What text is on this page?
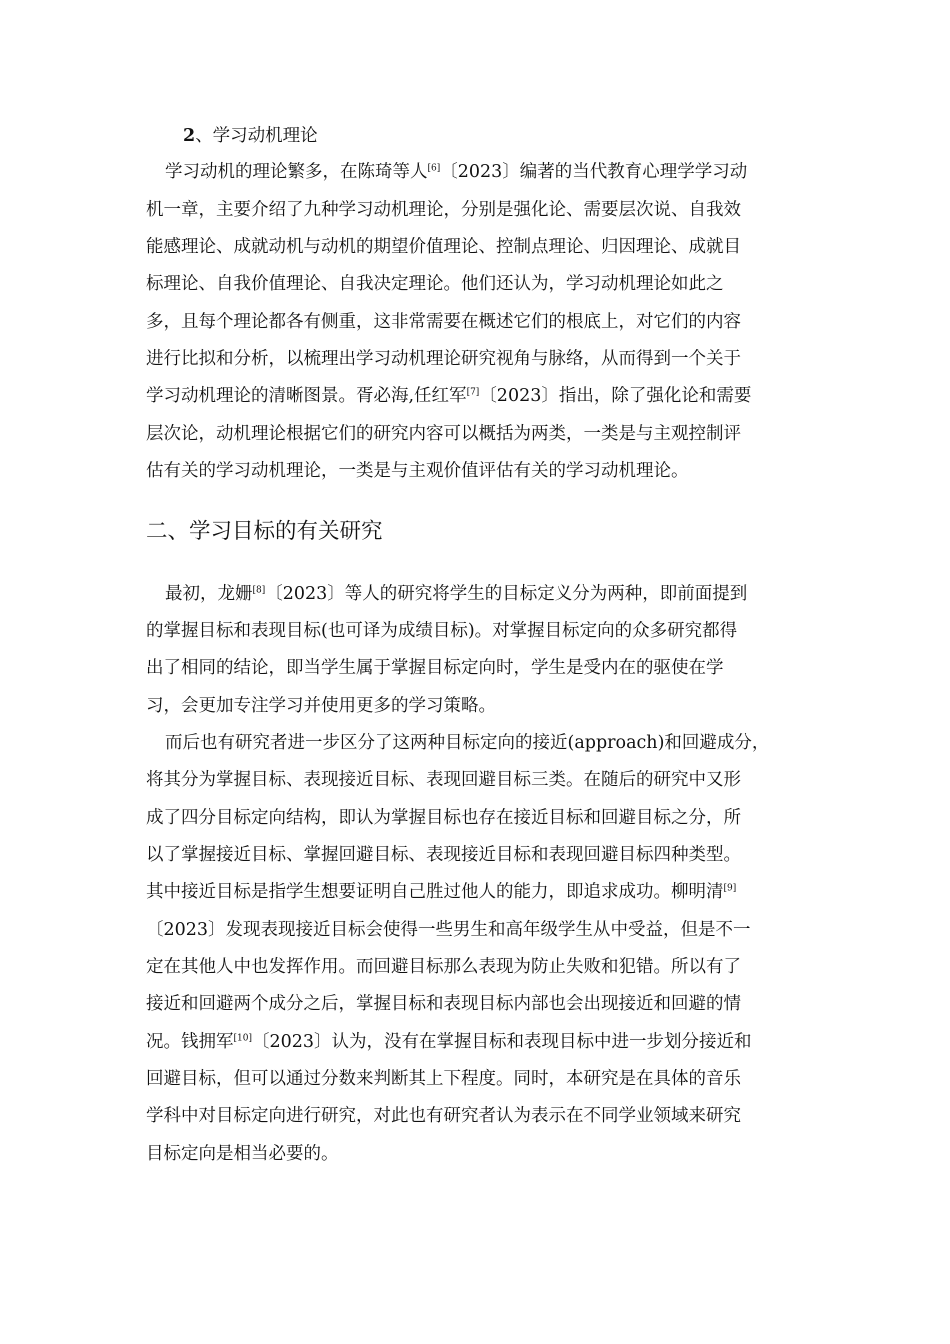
2、学习动机理论
学习动机的理论繁多，在陈琦等人[6]〔2023〕编著的当代教育心理学学习动
机一章，主要介绍了九种学习动机理论，分别是强化论、需要层次说、自我效
能感理论、成就动机与动机的期望价值理论、控制点理论、归因理论、成就目
标理论、自我价值理论、自我决定理论。他们还认为，学习动机理论如此之
多，且每个理论都各有侧重，这非常需要在概述它们的根底上，对它们的内容
进行比拟和分析，以梳理出学习动机理论研究视角与脉络，从而得到一个关于
学习动机理论的清晰图景。胥必海,任红军[7]〔2023〕指出，除了强化论和需要
层次论，动机理论根据它们的研究内容可以概括为两类，一类是与主观控制评
估有关的学习动机理论，一类是与主观价值评估有关的学习动机理论。
二、学习目标的有关研究
最初，龙姗[8]〔2023〕等人的研究将学生的目标定义分为两种，即前面提到
的掌握目标和表现目标(也可译为成绩目标)。对掌握目标定向的众多研究都得
出了相同的结论，即当学生属于掌握目标定向时，学生是受内在的驱使在学
习，会更加专注学习并使用更多的学习策略。
而后也有研究者进一步区分了这两种目标定向的接近(approach)和回避成分，
将其分为掌握目标、表现接近目标、表现回避目标三类。在随后的研究中又形
成了四分目标定向结构，即认为掌握目标也存在接近目标和回避目标之分，所
以了掌握接近目标、掌握回避目标、表现接近目标和表现回避目标四种类型。
其中接近目标是指学生想要证明自己胜过他人的能力，即追求成功。柳明清[9]
〔2023〕发现表现接近目标会使得一些男生和高年级学生从中受益，但是不一
定在其他人中也发挥作用。而回避目标那么表现为防止失败和犯错。所以有了
接近和回避两个成分之后，掌握目标和表现目标内部也会出现接近和回避的情
况。钱拥军[10]〔2023〕认为，没有在掌握目标和表现目标中进一步划分接近和
回避目标，但可以通过分数来判断其上下程度。同时，本研究是在具体的音乐
学科中对目标定向进行研究，对此也有研究者认为表示在不同学业领域来研究
目标定向是相当必要的。
